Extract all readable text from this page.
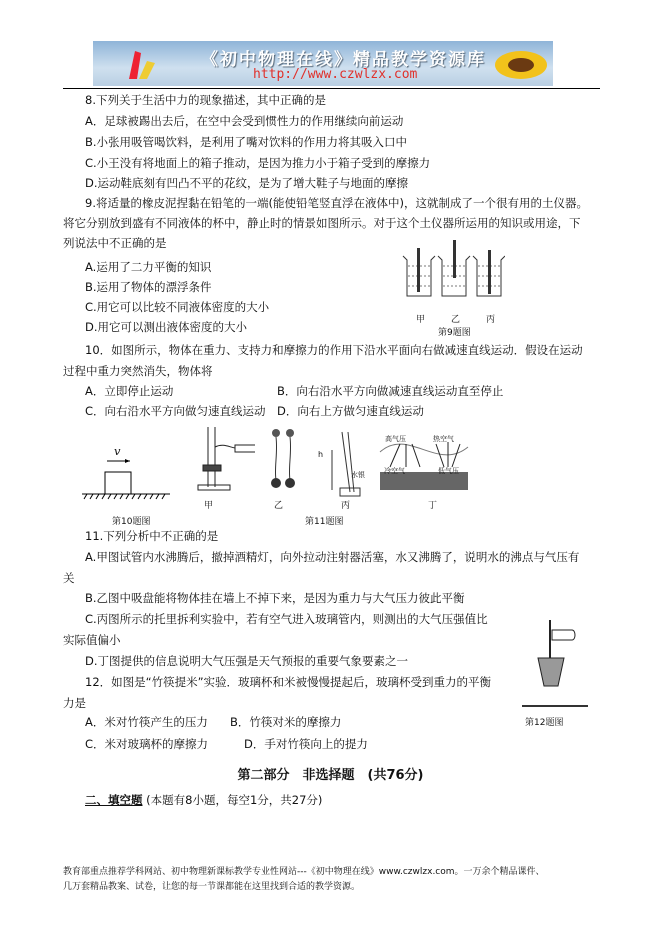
《初中物理在线》精品教学资源库
http://www.czwlzx.com
8.下列关于生活中力的现象描述，其中正确的是
A．足球被踢出去后，在空中会受到惯性力的作用继续向前运动
B.小张用吸管喝饮料，是利用了嘴对饮料的作用力将其吸入口中
C.小王没有将地面上的箱子推动，是因为推力小于箱子受到的摩擦力
D.运动鞋底刻有凹凸不平的花纹，是为了增大鞋子与地面的摩擦
9.将适量的橡皮泥捏黏在铅笔的一端(能使铅笔竖直浮在液体中)，这就制成了一个很有用的土仪器。
将它分别放到盛有不同液体的杯中，静止时的情景如图所示。对于这个土仪器所运用的知识或用途，下
列说法中不正确的是
A.运用了二力平衡的知识
B.运用了物体的漂浮条件
C.用它可以比较不同液体密度的大小
D.用它可以测出液体密度的大小	甲	乙	丙
第9题图
10．如图所示，物体在重力、支持力和摩擦力的作用下沿水平面向右做减速直线运动．假设在运动
过程中重力突然消失，物体将
A．立即停止运动	B．向右沿水平方向做减速直线运动直至停止
C．向右沿水平方向做匀速直线运动 D．向右上方做匀速直线运动
v
第10题图
h
水银
高气压	热空气
冷空气	低气压
甲	乙	丙	丁
第11题图
11.下列分析中不正确的是
A.甲图试管内水沸腾后，撤掉酒精灯，向外拉动注射器活塞，水又沸腾了，说明水的沸点与气压有
关
B.乙图中吸盘能将物体挂在墙上不掉下来，是因为重力与大气压力彼此平衡
C.丙图所示的托里拆利实验中，若有空气进入玻璃管内，则测出的大气压强值比
实际值偏小
D.丁图提供的信息说明大气压强是天气预报的重要气象要素之一
12．如图是“竹筷提米”实验．玻璃杯和米被慢慢提起后，玻璃杯受到重力的平衡
力是
A．米对竹筷产生的压力 B．竹筷对米的摩擦力
C．米对玻璃杯的摩擦力	D．手对竹筷向上的提力
第12题图
第二部分　非选择题　(共76分)
二、填空题 (本题有8小题，每空1分，共27分)
教育部重点推荐学科网站、初中物理新课标教学专业性网站---《初中物理在线》www.czwlzx.com。一万余个精品课件、
几万套精品教案、试卷，让您的每一节课都能在这里找到合适的教学资源。
